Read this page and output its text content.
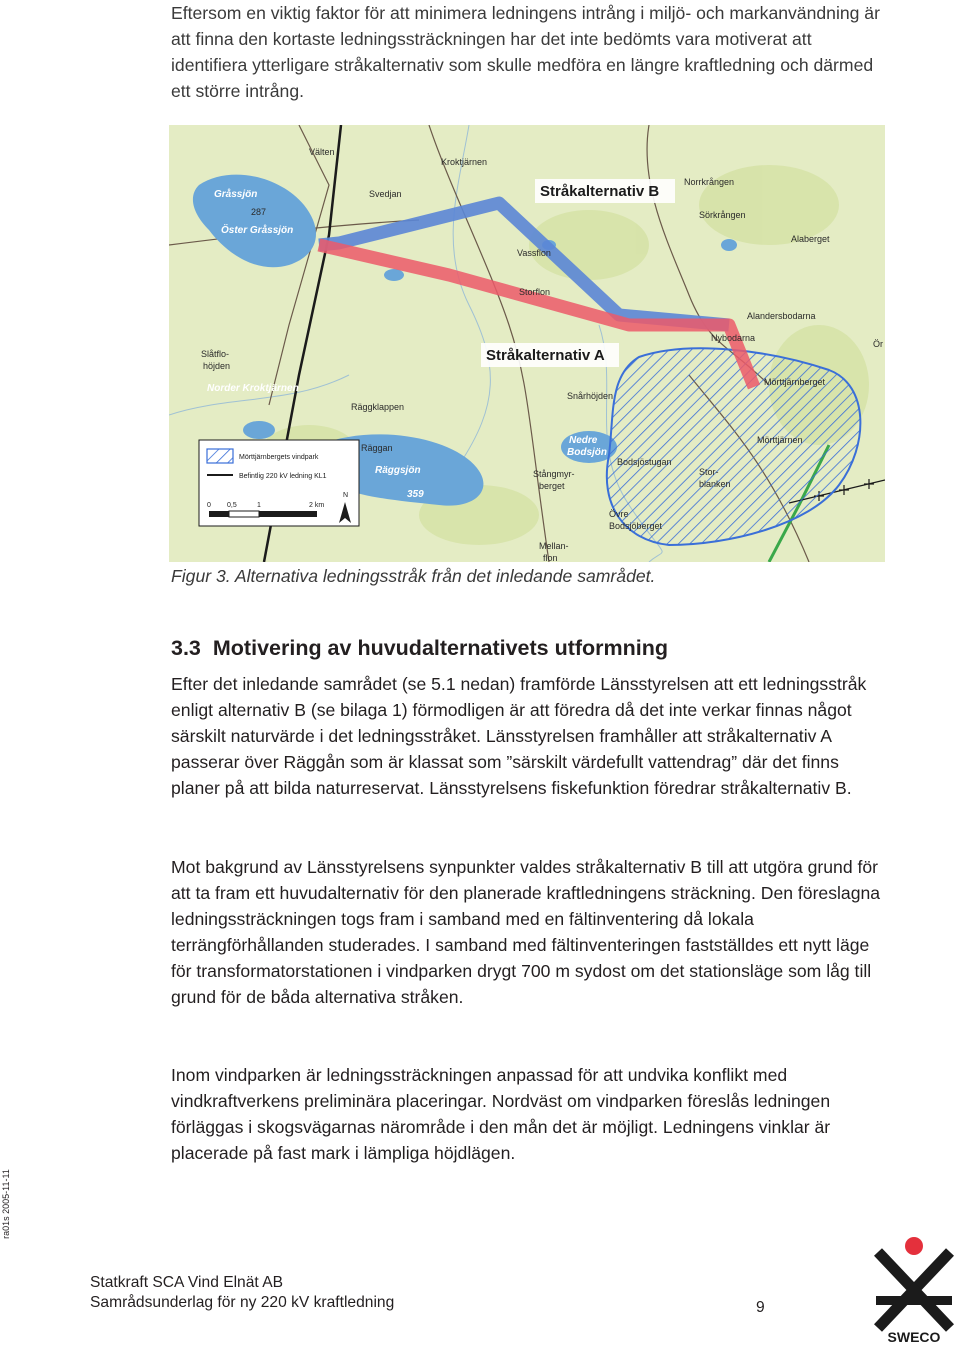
Eftersom en viktig faktor för att minimera ledningens intrång i miljö- och markanvändning är att finna den kortaste ledningssträckningen har det inte bedömts vara motiverat att identifiera ytterligare stråkalternativ som skulle medföra en längre kraftledning och därmed ett större intrång.

Stråkalternativ B
Stråkalternativ A
Välten
Kroktjärnen
Gråssjön
287
Svedjan
Öster Gråssjön
Norrkrången
Sörkrången
Alaberget
Vassflon
Storflon
Alandersbodarna
Nybodarna
Slåtflo-
höjden
Norder Kroktjärnen
Räggklappen
Mörttjärnberget
Snårhöjden
Räggan
Räggsjön
359
Nedre
Bodsjön
Bodsjöstugan
Mörttjärnen
Stor-
blanken
Stångmyr-
berget
Övre
Bodsjöberget
Mellan-
flon
Ör
Mörttjärnbergets vindpark
Befintlig 220 kV ledning KL1
0 0,5	1	2 km
N
Figur 3. Alternativa ledningsstråk från det inledande samrådet.
3.3 Motivering av huvudalternativets utformning

Efter det inledande samrådet (se 5.1 nedan) framförde Länsstyrelsen att ett ledningsstråk enligt alternativ B (se bilaga 1) förmodligen är att föredra då det inte verkar finnas något särskilt naturvärde i det ledningsstråket. Länsstyrelsen framhåller att stråkalternativ A passerar över Räggån som är klassat som ”särskilt värdefullt vattendrag” där det finns planer på att bilda naturreservat. Länsstyrelsens fiskefunktion föredrar stråkalternativ B.

Mot bakgrund av Länsstyrelsens synpunkter valdes stråkalternativ B till att utgöra grund för att ta fram ett huvudalternativ för den planerade kraftledningens sträckning. Den föreslagna ledningssträckningen togs fram i samband med en fältinventering då lokala terrängförhållanden studerades. I samband med fältinventeringen fastställdes ett nytt läge för transformatorstationen i vindparken drygt 700 m sydost om det stationsläge som låg till grund för de båda alternativa stråken.

Inom vindparken är ledningssträckningen anpassad för att undvika konflikt med vindkraftverkens preliminära placeringar. Nordväst om vindparken föreslås ledningen förläggas i skogsvägarnas närområde i den mån det är möjligt. Ledningens vinklar är placerade på fast mark i lämpliga höjdlägen.

ra01s 2005-11-11
Statkraft SCA Vind Elnät AB
Samrådsunderlag för ny 220 kV kraftledning	9
SWECO
